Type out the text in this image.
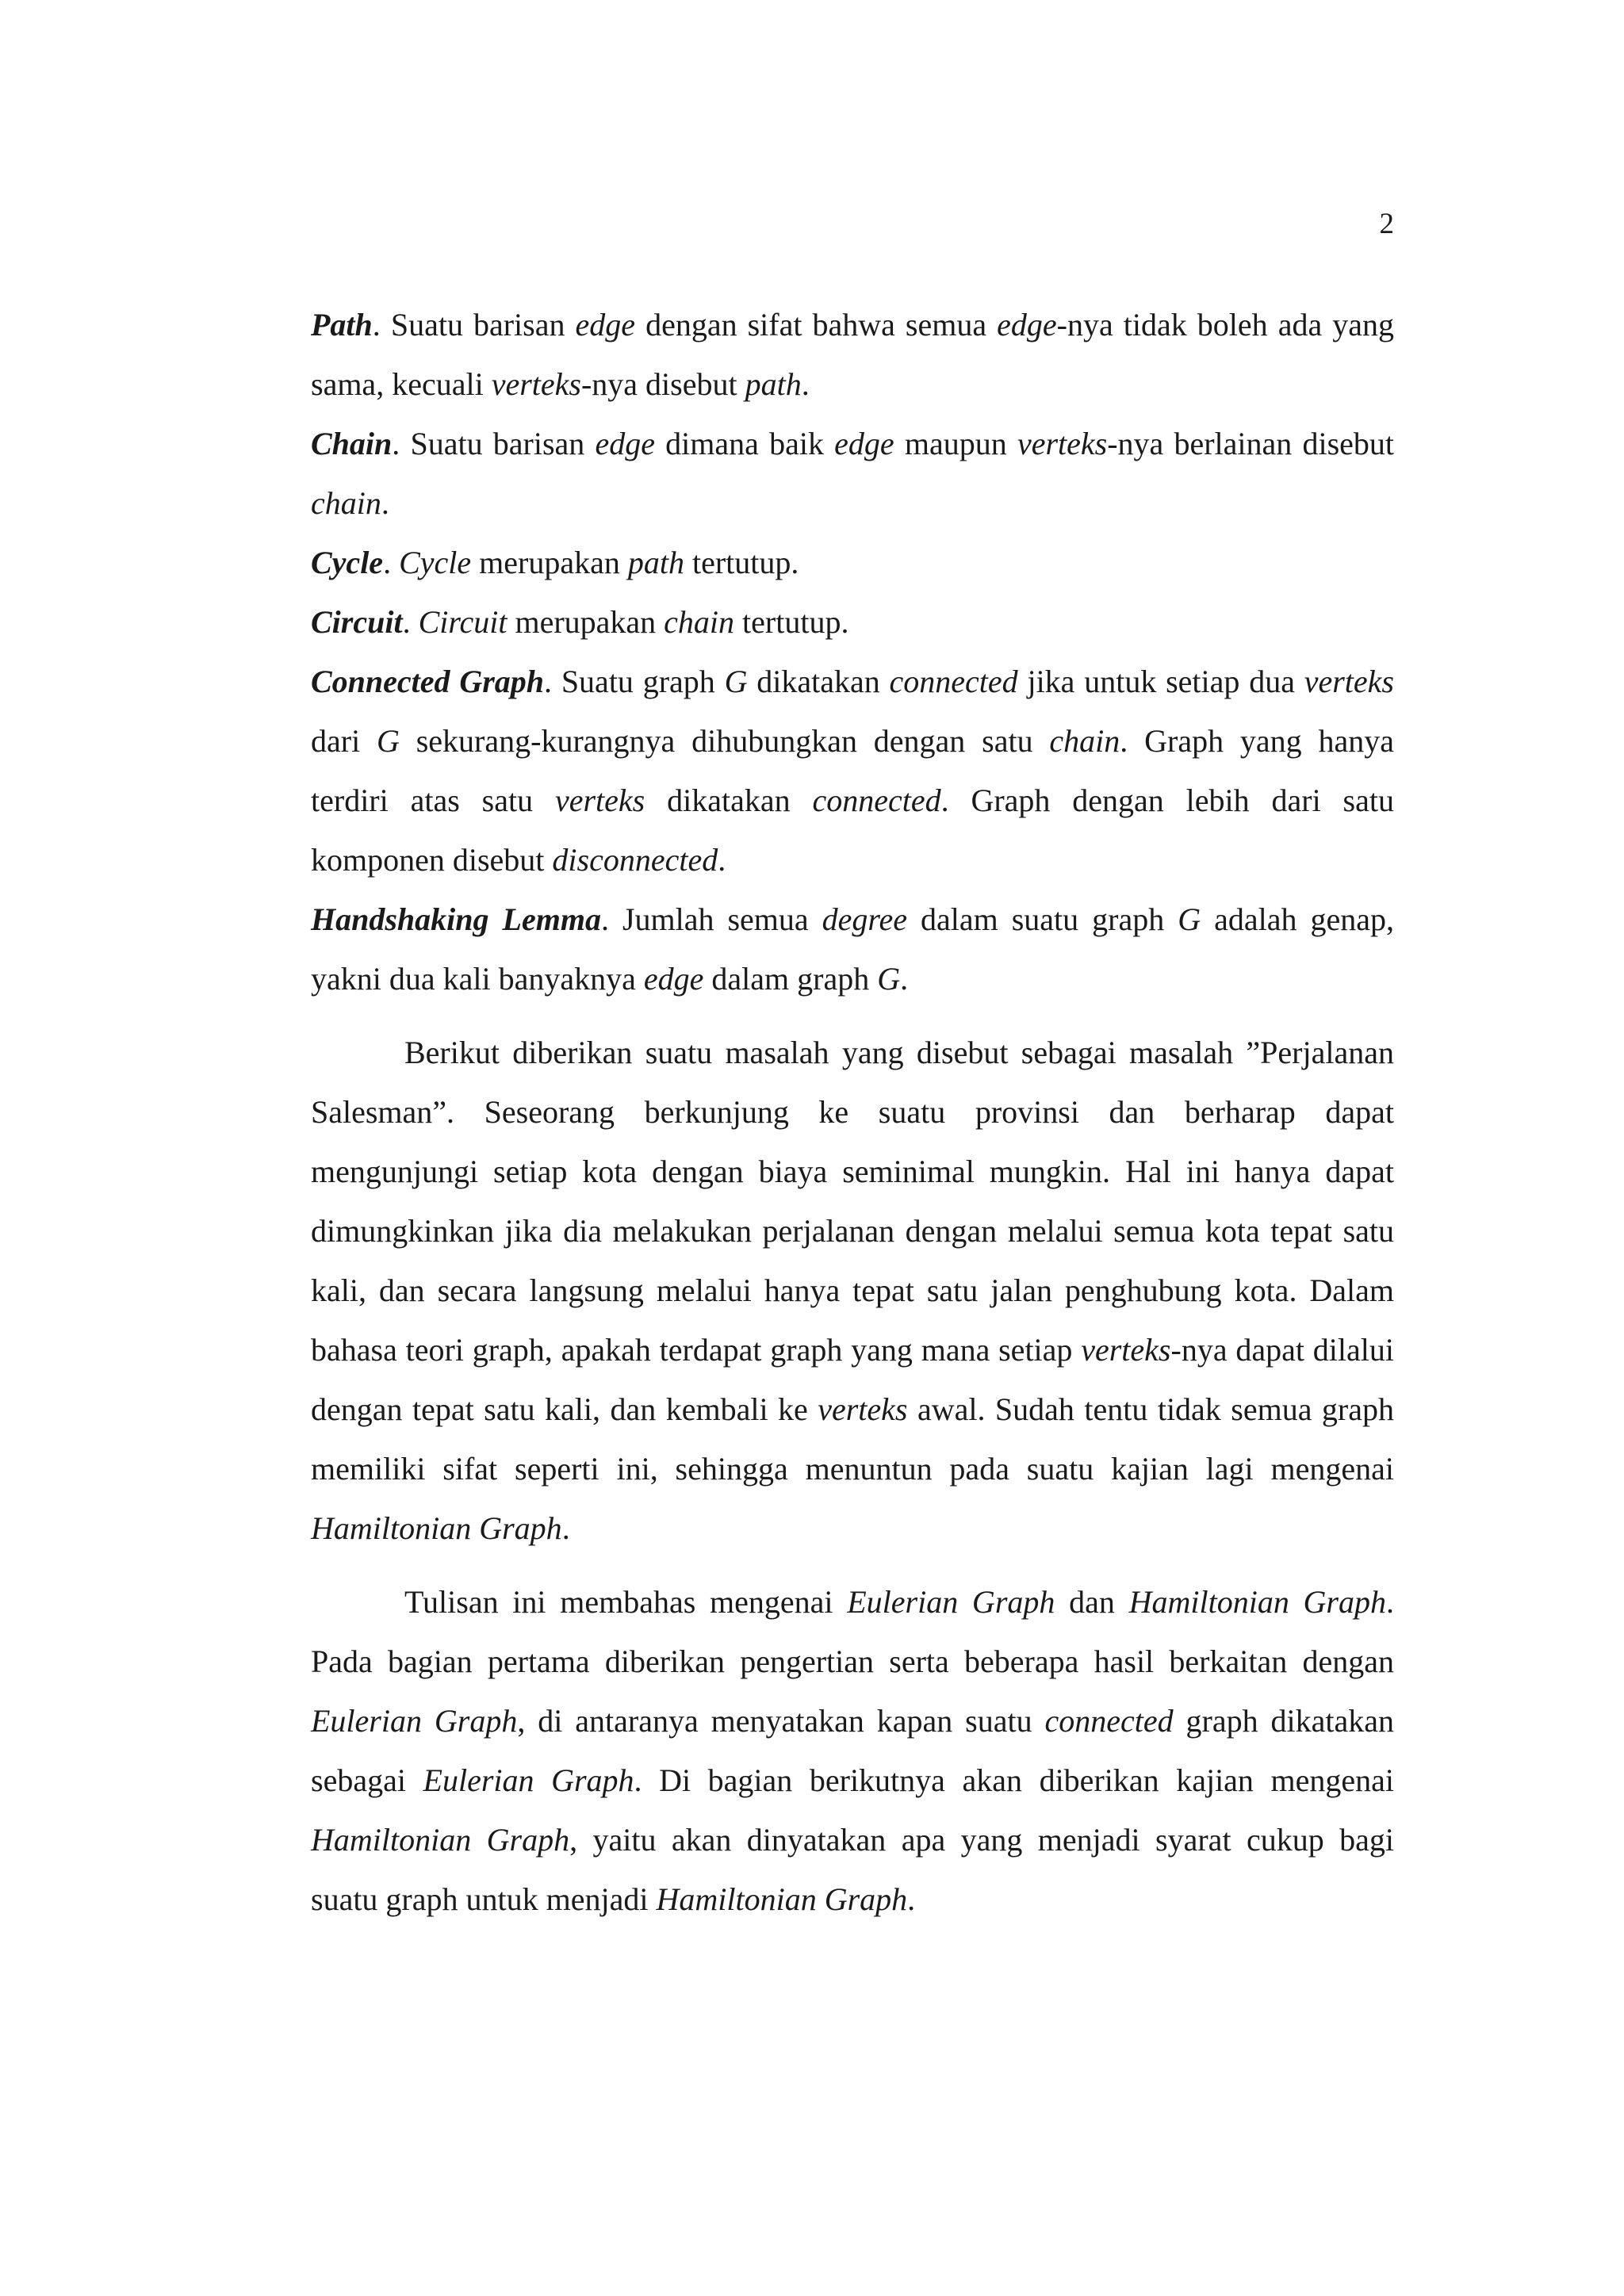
2

Path. Suatu barisan edge dengan sifat bahwa semua edge-nya tidak boleh ada yang sama, kecuali verteks-nya disebut path.

Chain. Suatu barisan edge dimana baik edge maupun verteks-nya berlainan disebut chain.

Cycle. Cycle merupakan path tertutup.

Circuit. Circuit merupakan chain tertutup.

Connected Graph. Suatu graph G dikatakan connected jika untuk setiap dua verteks dari G sekurang-kurangnya dihubungkan dengan satu chain. Graph yang hanya terdiri atas satu verteks dikatakan connected. Graph dengan lebih dari satu komponen disebut disconnected.

Handshaking Lemma. Jumlah semua degree dalam suatu graph G adalah genap, yakni dua kali banyaknya edge dalam graph G.

Berikut diberikan suatu masalah yang disebut sebagai masalah ”Perjalanan Salesman”. Seseorang berkunjung ke suatu provinsi dan berharap dapat mengunjungi setiap kota dengan biaya seminimal mungkin. Hal ini hanya dapat dimungkinkan jika dia melakukan perjalanan dengan melalui semua kota tepat satu kali, dan secara langsung melalui hanya tepat satu jalan penghubung kota. Dalam bahasa teori graph, apakah terdapat graph yang mana setiap verteks-nya dapat dilalui dengan tepat satu kali, dan kembali ke verteks awal. Sudah tentu tidak semua graph memiliki sifat seperti ini, sehingga menuntun pada suatu kajian lagi mengenai Hamiltonian Graph.

Tulisan ini membahas mengenai Eulerian Graph dan Hamiltonian Graph. Pada bagian pertama diberikan pengertian serta beberapa hasil berkaitan dengan Eulerian Graph, di antaranya menyatakan kapan suatu connected graph dikatakan sebagai Eulerian Graph. Di bagian berikutnya akan diberikan kajian mengenai Hamiltonian Graph, yaitu akan dinyatakan apa yang menjadi syarat cukup bagi suatu graph untuk menjadi Hamiltonian Graph.
